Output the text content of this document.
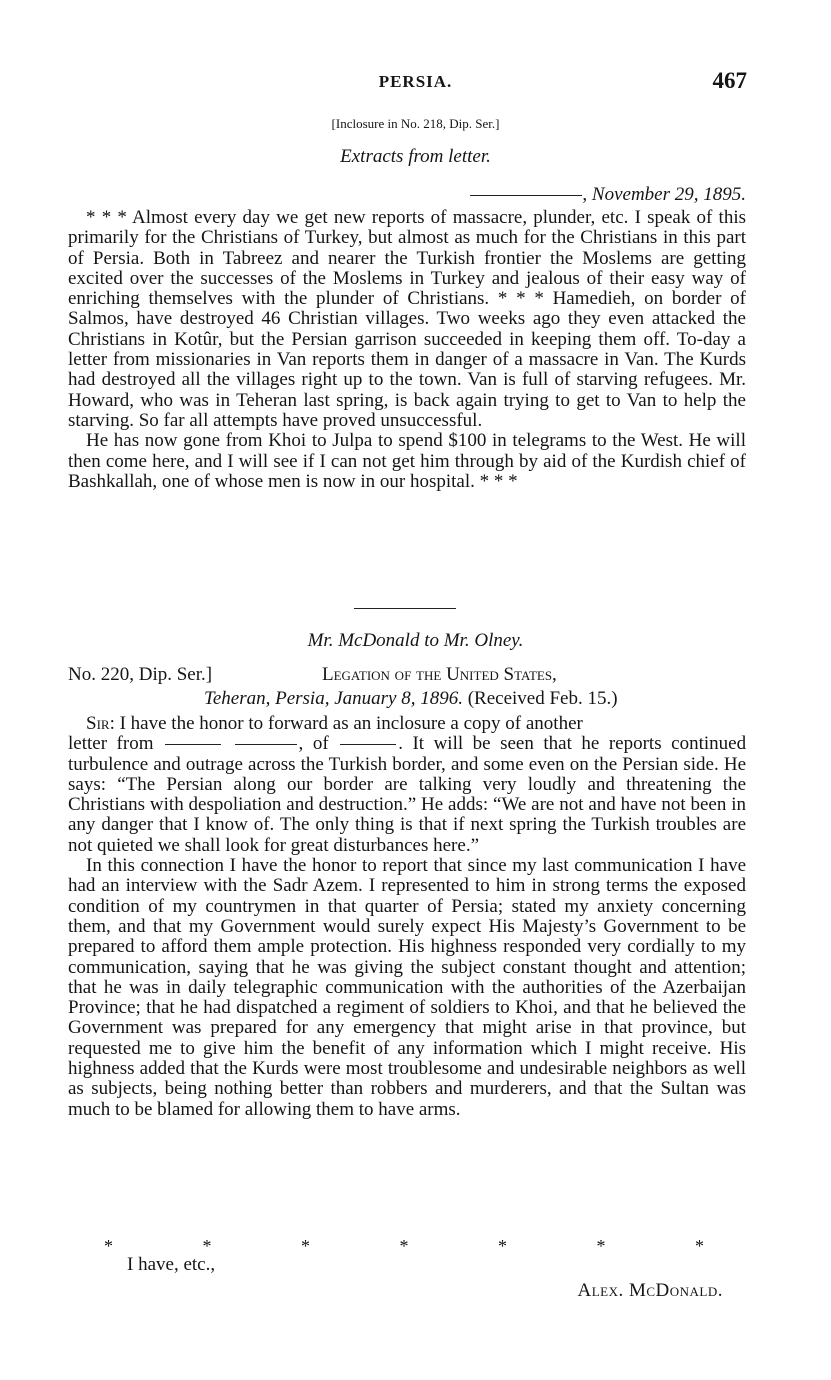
PERSIA.	467
[Inclosure in No. 218, Dip. Ser.]
Extracts from letter.
, November 29, 1895.

* * * Almost every day we get new reports of massacre, plunder, etc. I speak of this primarily for the Christians of Turkey, but almost as much for the Christians in this part of Persia. Both in Tabreez and nearer the Turkish frontier the Moslems are getting excited over the successes of the Moslems in Turkey and jealous of their easy way of enriching themselves with the plunder of Christians. * * * Hamedieh, on border of Salmos, have destroyed 46 Christian villages. Two weeks ago they even attacked the Christians in Kotûr, but the Persian garrison succeeded in keeping them off. To-day a letter from missionaries in Van reports them in danger of a massacre in Van. The Kurds had destroyed all the villages right up to the town. Van is full of starving refugees. Mr. Howard, who was in Teheran last spring, is back again trying to get to Van to help the starving. So far all attempts have proved unsuccessful.

He has now gone from Khoi to Julpa to spend $100 in telegrams to the West. He will then come here, and I will see if I can not get him through by aid of the Kurdish chief of Bashkallah, one of whose men is now in our hospital. * * *

Mr. McDonald to Mr. Olney.
No. 220, Dip. Ser.]	Legation of the United States,
Teheran, Persia, January 8, 1896. (Received Feb. 15.)

Sir: I have the honor to forward as an inclosure a copy of another
letter from	, of	. It will be seen that he reports continued turbulence and outrage across the Turkish border, and some even on the Persian side. He says: “The Persian along our border are talking very loudly and threatening the Christians with despoliation and destruction.” He adds: “We are not and have not been in any danger that I know of. The only thing is that if next spring the Turkish troubles are not quieted we shall look for great disturbances here.”

In this connection I have the honor to report that since my last communication I have had an interview with the Sadr Azem. I represented to him in strong terms the exposed condition of my countrymen in that quarter of Persia; stated my anxiety concerning them, and that my Government would surely expect His Majesty’s Government to be prepared to afford them ample protection. His highness responded very cordially to my communication, saying that he was giving the subject constant thought and attention; that he was in daily telegraphic communication with the authorities of the Azerbaijan Province; that he had dispatched a regiment of soldiers to Khoi, and that he believed the Government was prepared for any emergency that might arise in that province, but requested me to give him the benefit of any information which I might receive. His highness added that the Kurds were most troublesome and undesirable neighbors as well as subjects, being nothing better than robbers and murderers, and that the Sultan was much to be blamed for allowing them to have arms.

*	*	*	*	*	*	*
I have, etc.,
Alex. McDonald.
